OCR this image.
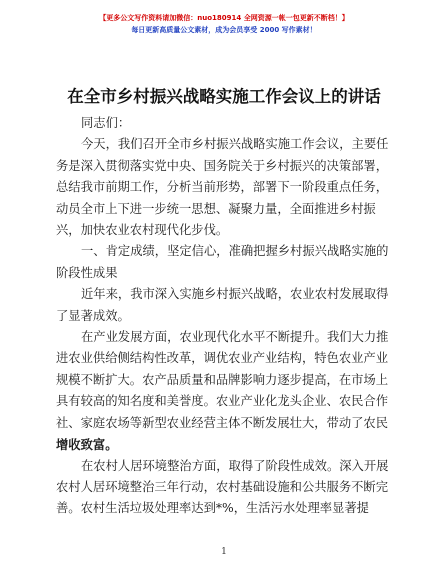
【更多公文写作资料请加微信：nuo180914 全网资源一帐一包更新不断档！】
每日更新高质量公文素材，成为会员享受 2000 写作素材！
在全市乡村振兴战略实施工作会议上的讲话
同志们：
今天，我们召开全市乡村振兴战略实施工作会议，主要任
务是深入贯彻落实党中央、国务院关于乡村振兴的决策部署，
总结我市前期工作，分析当前形势，部署下一阶段重点任务，
动员全市上下进一步统一思想、凝聚力量，全面推进乡村振
兴，加快农业农村现代化步伐。
一、肯定成绩，坚定信心，准确把握乡村振兴战略实施的
阶段性成果
近年来，我市深入实施乡村振兴战略，农业农村发展取得
了显著成效。
在产业发展方面，农业现代化水平不断提升。我们大力推
进农业供给侧结构性改革，调优农业产业结构，特色农业产业
规模不断扩大。农产品质量和品牌影响力逐步提高，在市场上
具有较高的知名度和美誉度。农业产业化龙头企业、农民合作
社、家庭农场等新型农业经营主体不断发展壮大，带动了农民
增收致富。
在农村人居环境整治方面，取得了阶段性成效。深入开展
农村人居环境整治三年行动，农村基础设施和公共服务不断完
善。农村生活垃圾处理率达到*%，生活污水处理率显著提
1
